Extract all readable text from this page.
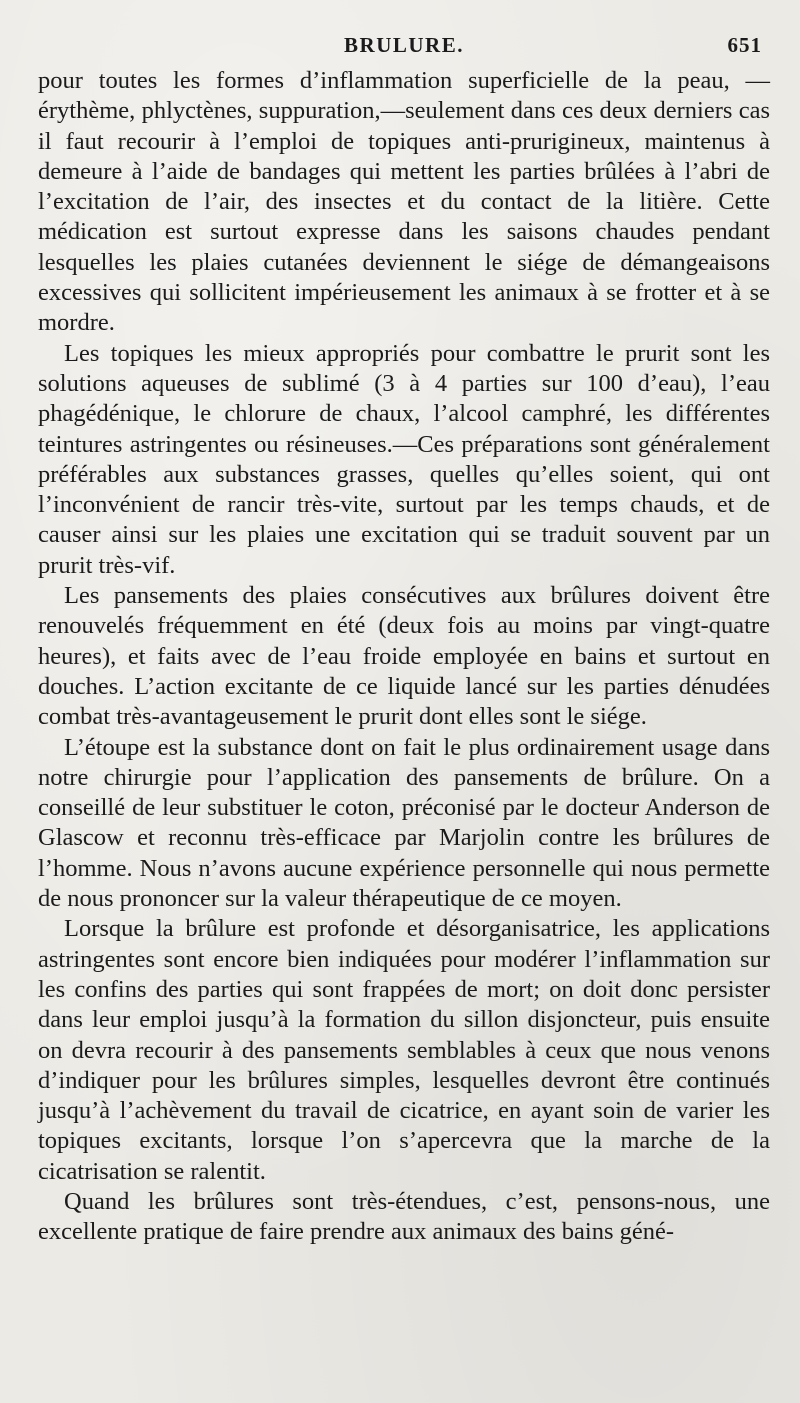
BRULURE.	651

pour toutes les formes d’inflammation superficielle de la peau, —érythème, phlyctènes, suppuration,—seulement dans ces deux derniers cas il faut recourir à l’emploi de topiques anti-prurigineux, maintenus à demeure à l’aide de bandages qui mettent les parties brûlées à l’abri de l’excitation de l’air, des insectes et du contact de la litière. Cette médication est surtout expresse dans les saisons chaudes pendant lesquelles les plaies cutanées deviennent le siége de démangeaisons excessives qui sollicitent impérieusement les animaux à se frotter et à se mordre.

Les topiques les mieux appropriés pour combattre le prurit sont les solutions aqueuses de sublimé (3 à 4 parties sur 100 d’eau), l’eau phagédénique, le chlorure de chaux, l’alcool camphré, les différentes teintures astringentes ou résineuses.—Ces préparations sont généralement préférables aux substances grasses, quelles qu’elles soient, qui ont l’inconvénient de rancir très-vite, surtout par les temps chauds, et de causer ainsi sur les plaies une excitation qui se traduit souvent par un prurit très-vif.

Les pansements des plaies consécutives aux brûlures doivent être renouvelés fréquemment en été (deux fois au moins par vingt-quatre heures), et faits avec de l’eau froide employée en bains et surtout en douches. L’action excitante de ce liquide lancé sur les parties dénudées combat très-avantageusement le prurit dont elles sont le siége.

L’étoupe est la substance dont on fait le plus ordinairement usage dans notre chirurgie pour l’application des pansements de brûlure. On a conseillé de leur substituer le coton, préconisé par le docteur Anderson de Glascow et reconnu très-efficace par Marjolin contre les brûlures de l’homme. Nous n’avons aucune expérience personnelle qui nous permette de nous prononcer sur la valeur thérapeutique de ce moyen.

Lorsque la brûlure est profonde et désorganisatrice, les applications astringentes sont encore bien indiquées pour modérer l’inflammation sur les confins des parties qui sont frappées de mort; on doit donc persister dans leur emploi jusqu’à la formation du sillon disjoncteur, puis ensuite on devra recourir à des pansements semblables à ceux que nous venons d’indiquer pour les brûlures simples, lesquelles devront être continués jusqu’à l’achèvement du travail de cicatrice, en ayant soin de varier les topiques excitants, lorsque l’on s’apercevra que la marche de la cicatrisation se ralentit.

Quand les brûlures sont très-étendues, c’est, pensons-nous, une excellente pratique de faire prendre aux animaux des bains géné-
